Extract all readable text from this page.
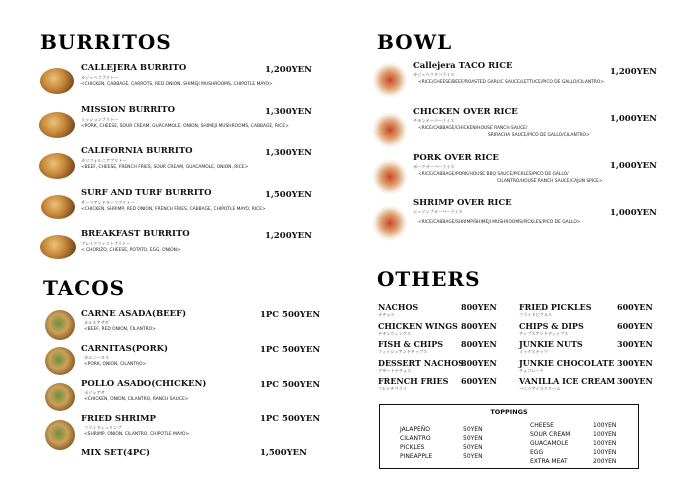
BURRITOS
CALLEJERA BURRITO
カジェヘラブリトー
<CHICKEN, CABBAGE, CARROTS, RED ONION, SHIMEJI MUSHROOMS, CHIPOTLE MAYO>
1,200YEN
MISSION BURRITO
ミッションブリトー
<PORK, CHEESE, SOUR CREAM, GUACAMOLE, ONION, SHIMEJI MUSHROOMS, CABBAGE, RICE>
1,300YEN
CALIFORNIA BURRITO
カリフォルニアブリトー
<BEEF, CHEESE, FRENCH FRIES, SOUR CREAM, GUACAMOLE, ONION, RICE>
1,300YEN
SURF AND TURF BURRITO
サーフアンドターフブリトー
<CHICKEN, SHRIMP, RED ONION, FRENCH FRIES, CABBAGE, CHIPOTLE MAYO, RICE>
1,500YEN
BREAKFAST BURRITO
ブレイクファストブリトー
< CHORIZO, CHEESE, POTATO, EGG, ONION>
1,200YEN
TACOS
CARNE ASADA(BEEF)
カルネアサダ
<BEEF, RED ONION, CILANTRO>
1PC 500YEN
CARNITAS(PORK)
カルニータス
<PORK, ONION, CILANTRO>
1PC 500YEN
POLLO ASADO(CHICKEN)
ポジョアサ
<CHICKEN, ONION, CILANTRO, RANCH SAUCE>
1PC 500YEN
FRIED SHRIMP
フライドシュリンプ
<SHRIMP, ONION, CILANTRO, CHIPOTLE MAYO>
1PC 500YEN
MIX SET(4PC)	1,500YEN
BOWL
Callejera TACO RICE
カジェヘラタコライス
<RICE/CHEESE/BEEF/ROASTED GARLIC SAUCE/LETTUCE/PICO DE GALLO/CILANTRO>
1,200YEN
CHICKEN OVER RICE
チキンオーバーライス
<RICE/CABBAGE/CHICKEN/HOUSE RANCH SAUCE/
SRIRACHA SAUCE/PICO DE GALLO/CILANTRO>
1,000YEN
PORK OVER RICE
ポークオーバーライス
<RICE/CABBAGE/PORK/HOUSE BBQ SAUCE/PICKLES/PICO DE GALLO/
CILANTRO/HOUSE RANCH SAUCE/CAJUN SPICE>
1,000YEN
SHRIMP OVER RICE
シュリンプオーバーライス
<RICE/CABBAGE/SHRIMP/SHIMEJI MUSHROOMS/PICKLES/PICO DE GALLO>
1,000YEN
OTHERS
NACHOS
ナチョス
800YEN
CHICKEN WINGS
チキンウィングス
800YEN
FISH & CHIPS
フィッシュアンドチップス
800YEN
DESSERT NACHOS
デザートナチョス
800YEN
FRENCH FRIES
フレンチフライ
600YEN
FRIED PICKLES
フライドピクルス
600YEN
CHIPS & DIPS
チップスアンドディップス
600YEN
JUNKIE NUTS
ミックスナッツ
300YEN
JUNKIE CHOCOLATE
チョコレート
300YEN
VANILLA ICE CREAM
バニラアイスクリーム
300YEN
TOPPINGS
JALAPEÑO	50YEN
CILANTRO	50YEN
PICKLES	50YEN
PINEAPPLE	50YEN
CHEESE	100YEN
SOUR CREAM	100YEN
GUACAMOLE	100YEN
EGG	100YEN
EXTRA MEAT	200YEN
